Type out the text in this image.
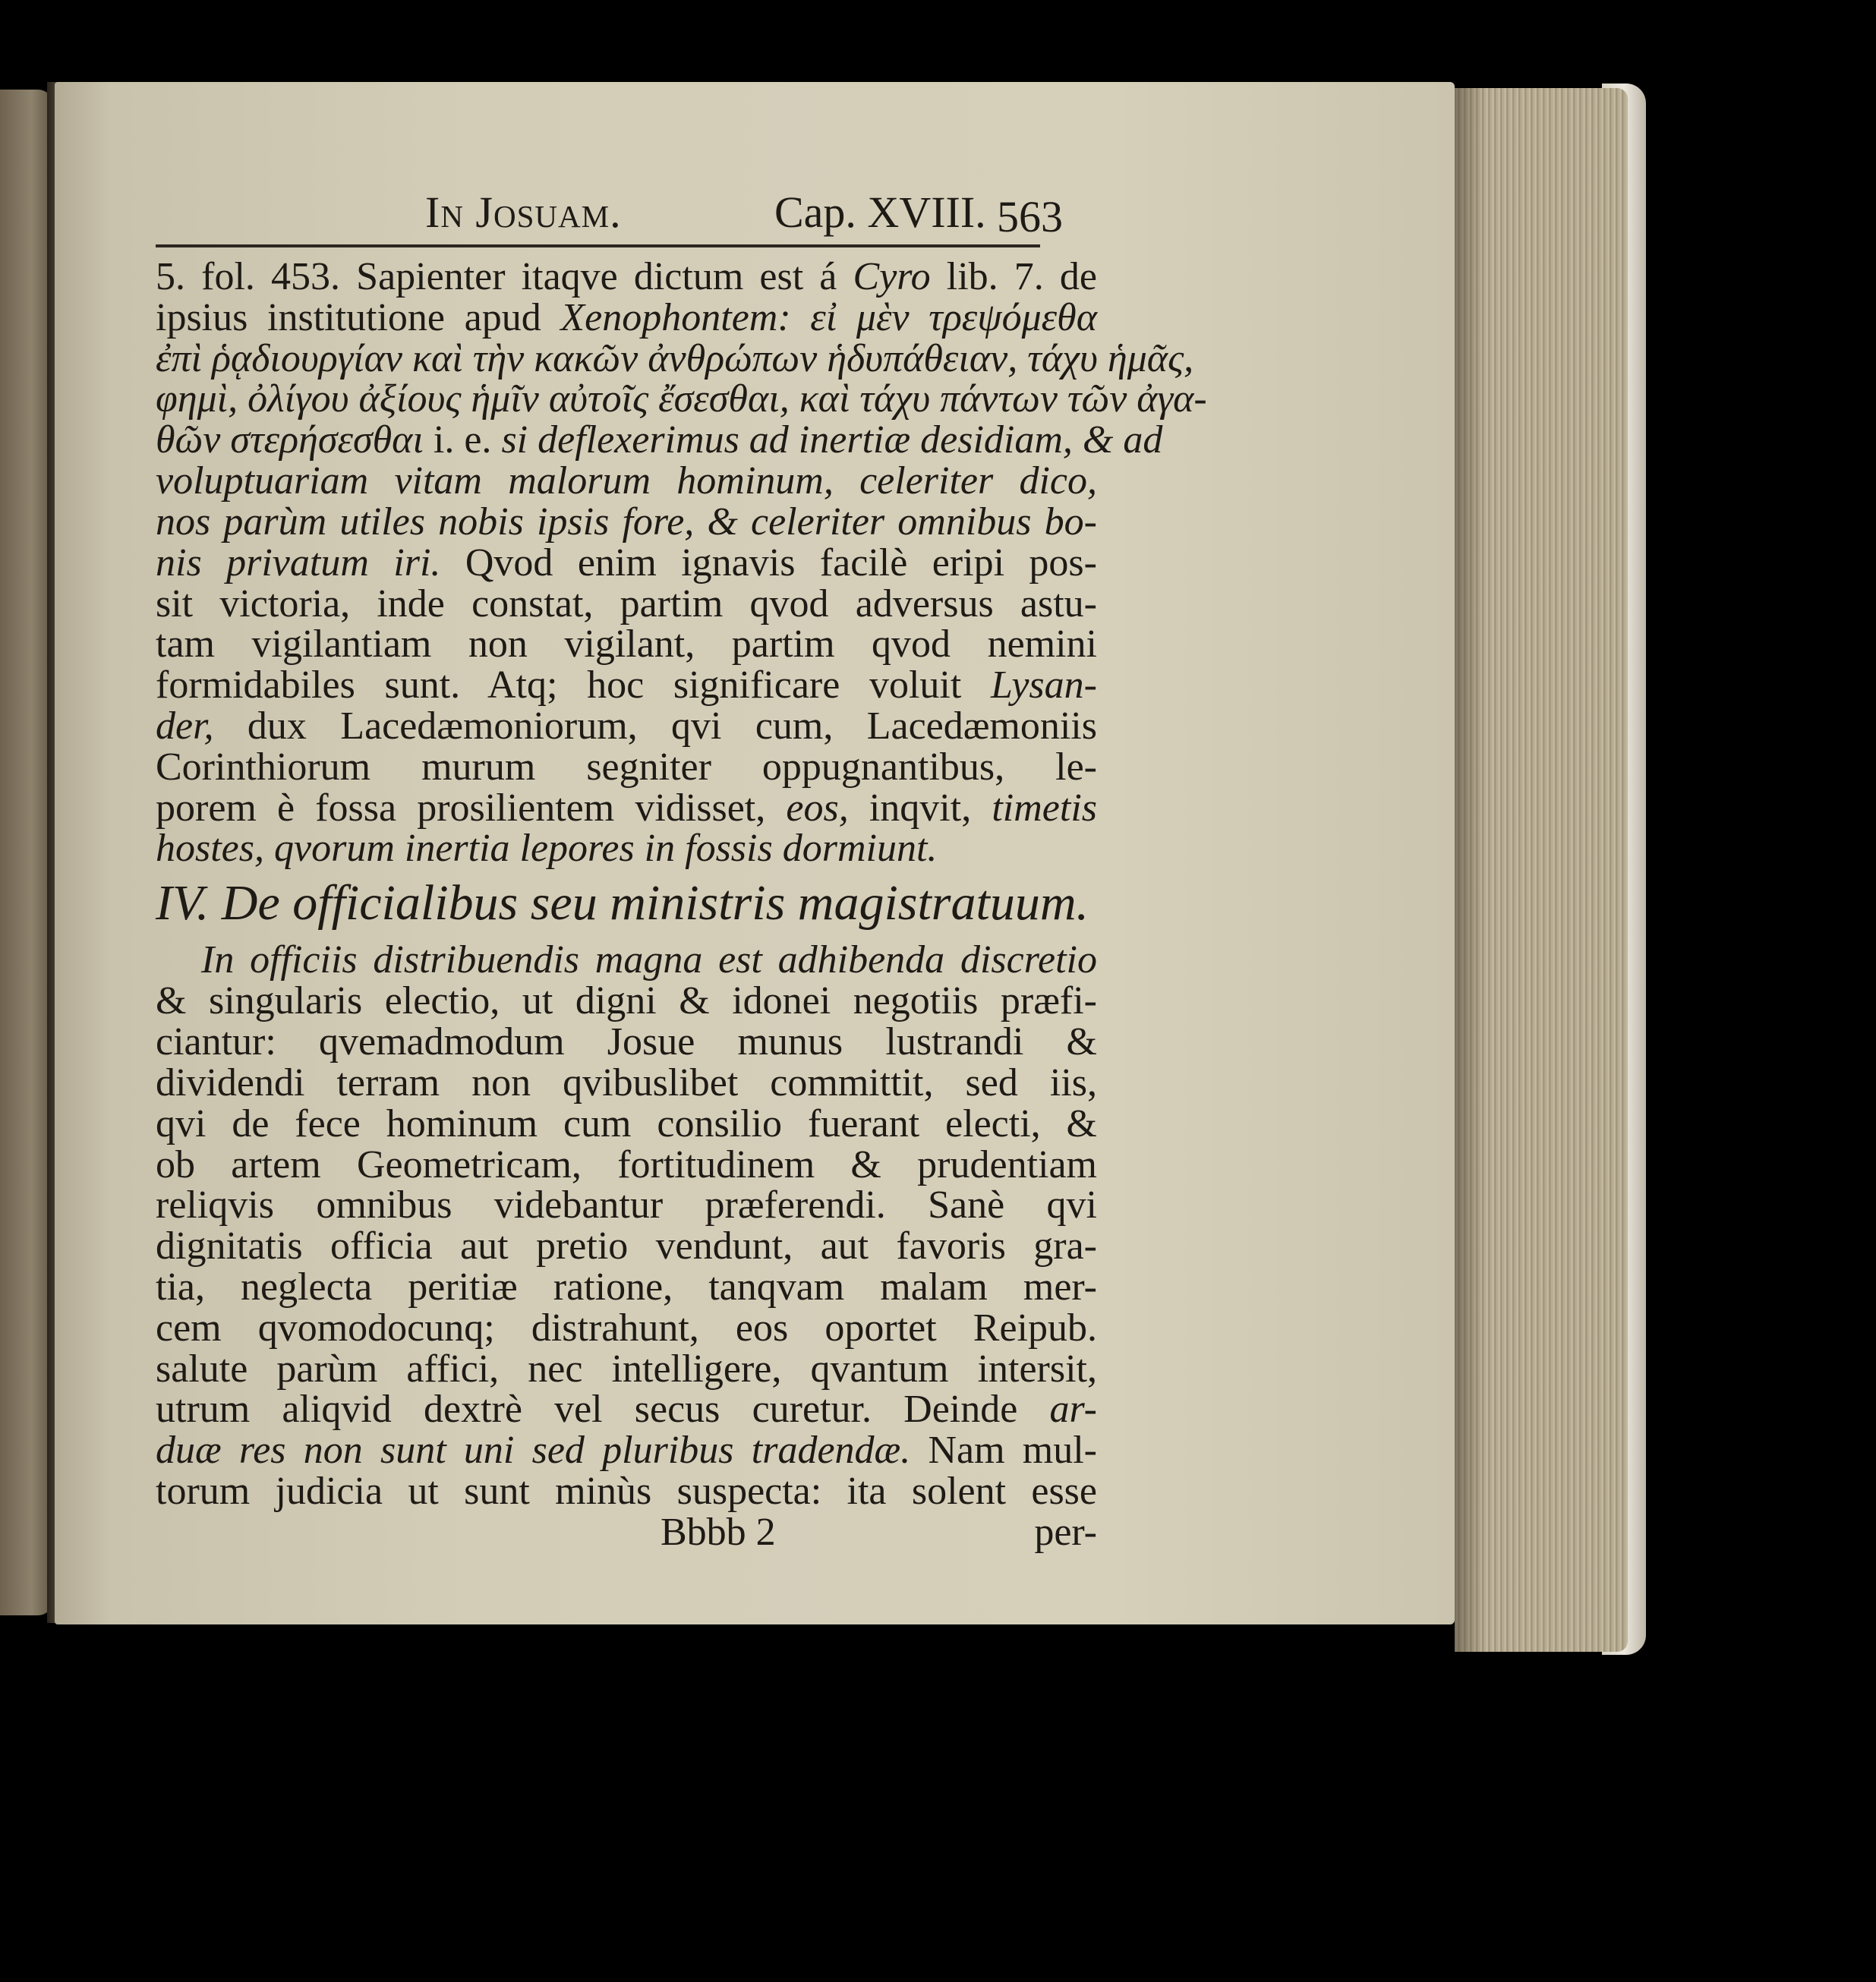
In Josuam.	Cap. XVIII. 563
5. fol. 453. Sapienter itaqve dictum est á Cyro lib. 7. de
ipsius institutione apud Xenophontem: εἰ μὲν τρεψόμεθα
ἐπὶ ῥᾳδιουργίαν καὶ τὴν κακῶν ἀνθρώπων ἡδυπάθειαν, τάχυ ἡμᾶς,
φημὶ, ὀλίγου ἀξίους ἡμῖν αὐτοῖς ἔσεσθαι, καὶ τάχυ πάντων τῶν ἀγα-
θῶν στερήσεσθαι i. e. si deflexerimus ad inertiæ desidiam, & ad
voluptuariam vitam malorum hominum, celeriter dico,
nos parùm utiles nobis ipsis fore, & celeriter omnibus bo-
nis privatum iri. Qvod enim ignavis facilè eripi pos-
sit victoria, inde constat, partim qvod adversus astu-
tam vigilantiam non vigilant, partim qvod nemini
formidabiles sunt. Atq; hoc significare voluit Lysan-
der, dux Lacedæmoniorum, qvi cum, Lacedæmoniis
Corinthiorum murum segniter oppugnantibus, le-
porem è fossa prosilientem vidisset, eos, inqvit, timetis
hostes, qvorum inertia lepores in fossis dormiunt.
IV. De officialibus seu ministris magistratuum.
In officiis distribuendis magna est adhibenda discretio
& singularis electio, ut digni & idonei negotiis præfi-
ciantur: qvemadmodum Josue munus lustrandi &
dividendi terram non qvibuslibet committit, sed iis,
qvi de fece hominum cum consilio fuerant electi, &
ob artem Geometricam, fortitudinem & prudentiam
reliqvis omnibus videbantur præferendi. Sanè qvi
dignitatis officia aut pretio vendunt, aut favoris gra-
tia, neglecta peritiæ ratione, tanqvam malam mer-
cem qvomodocunq; distrahunt, eos oportet Reipub.
salute parùm affici, nec intelligere, qvantum intersit,
utrum aliqvid dextrè vel secus curetur. Deinde ar-
duæ res non sunt uni sed pluribus tradendæ. Nam mul-
torum judicia ut sunt minùs suspecta: ita solent esse
Bbbb 2	per-
